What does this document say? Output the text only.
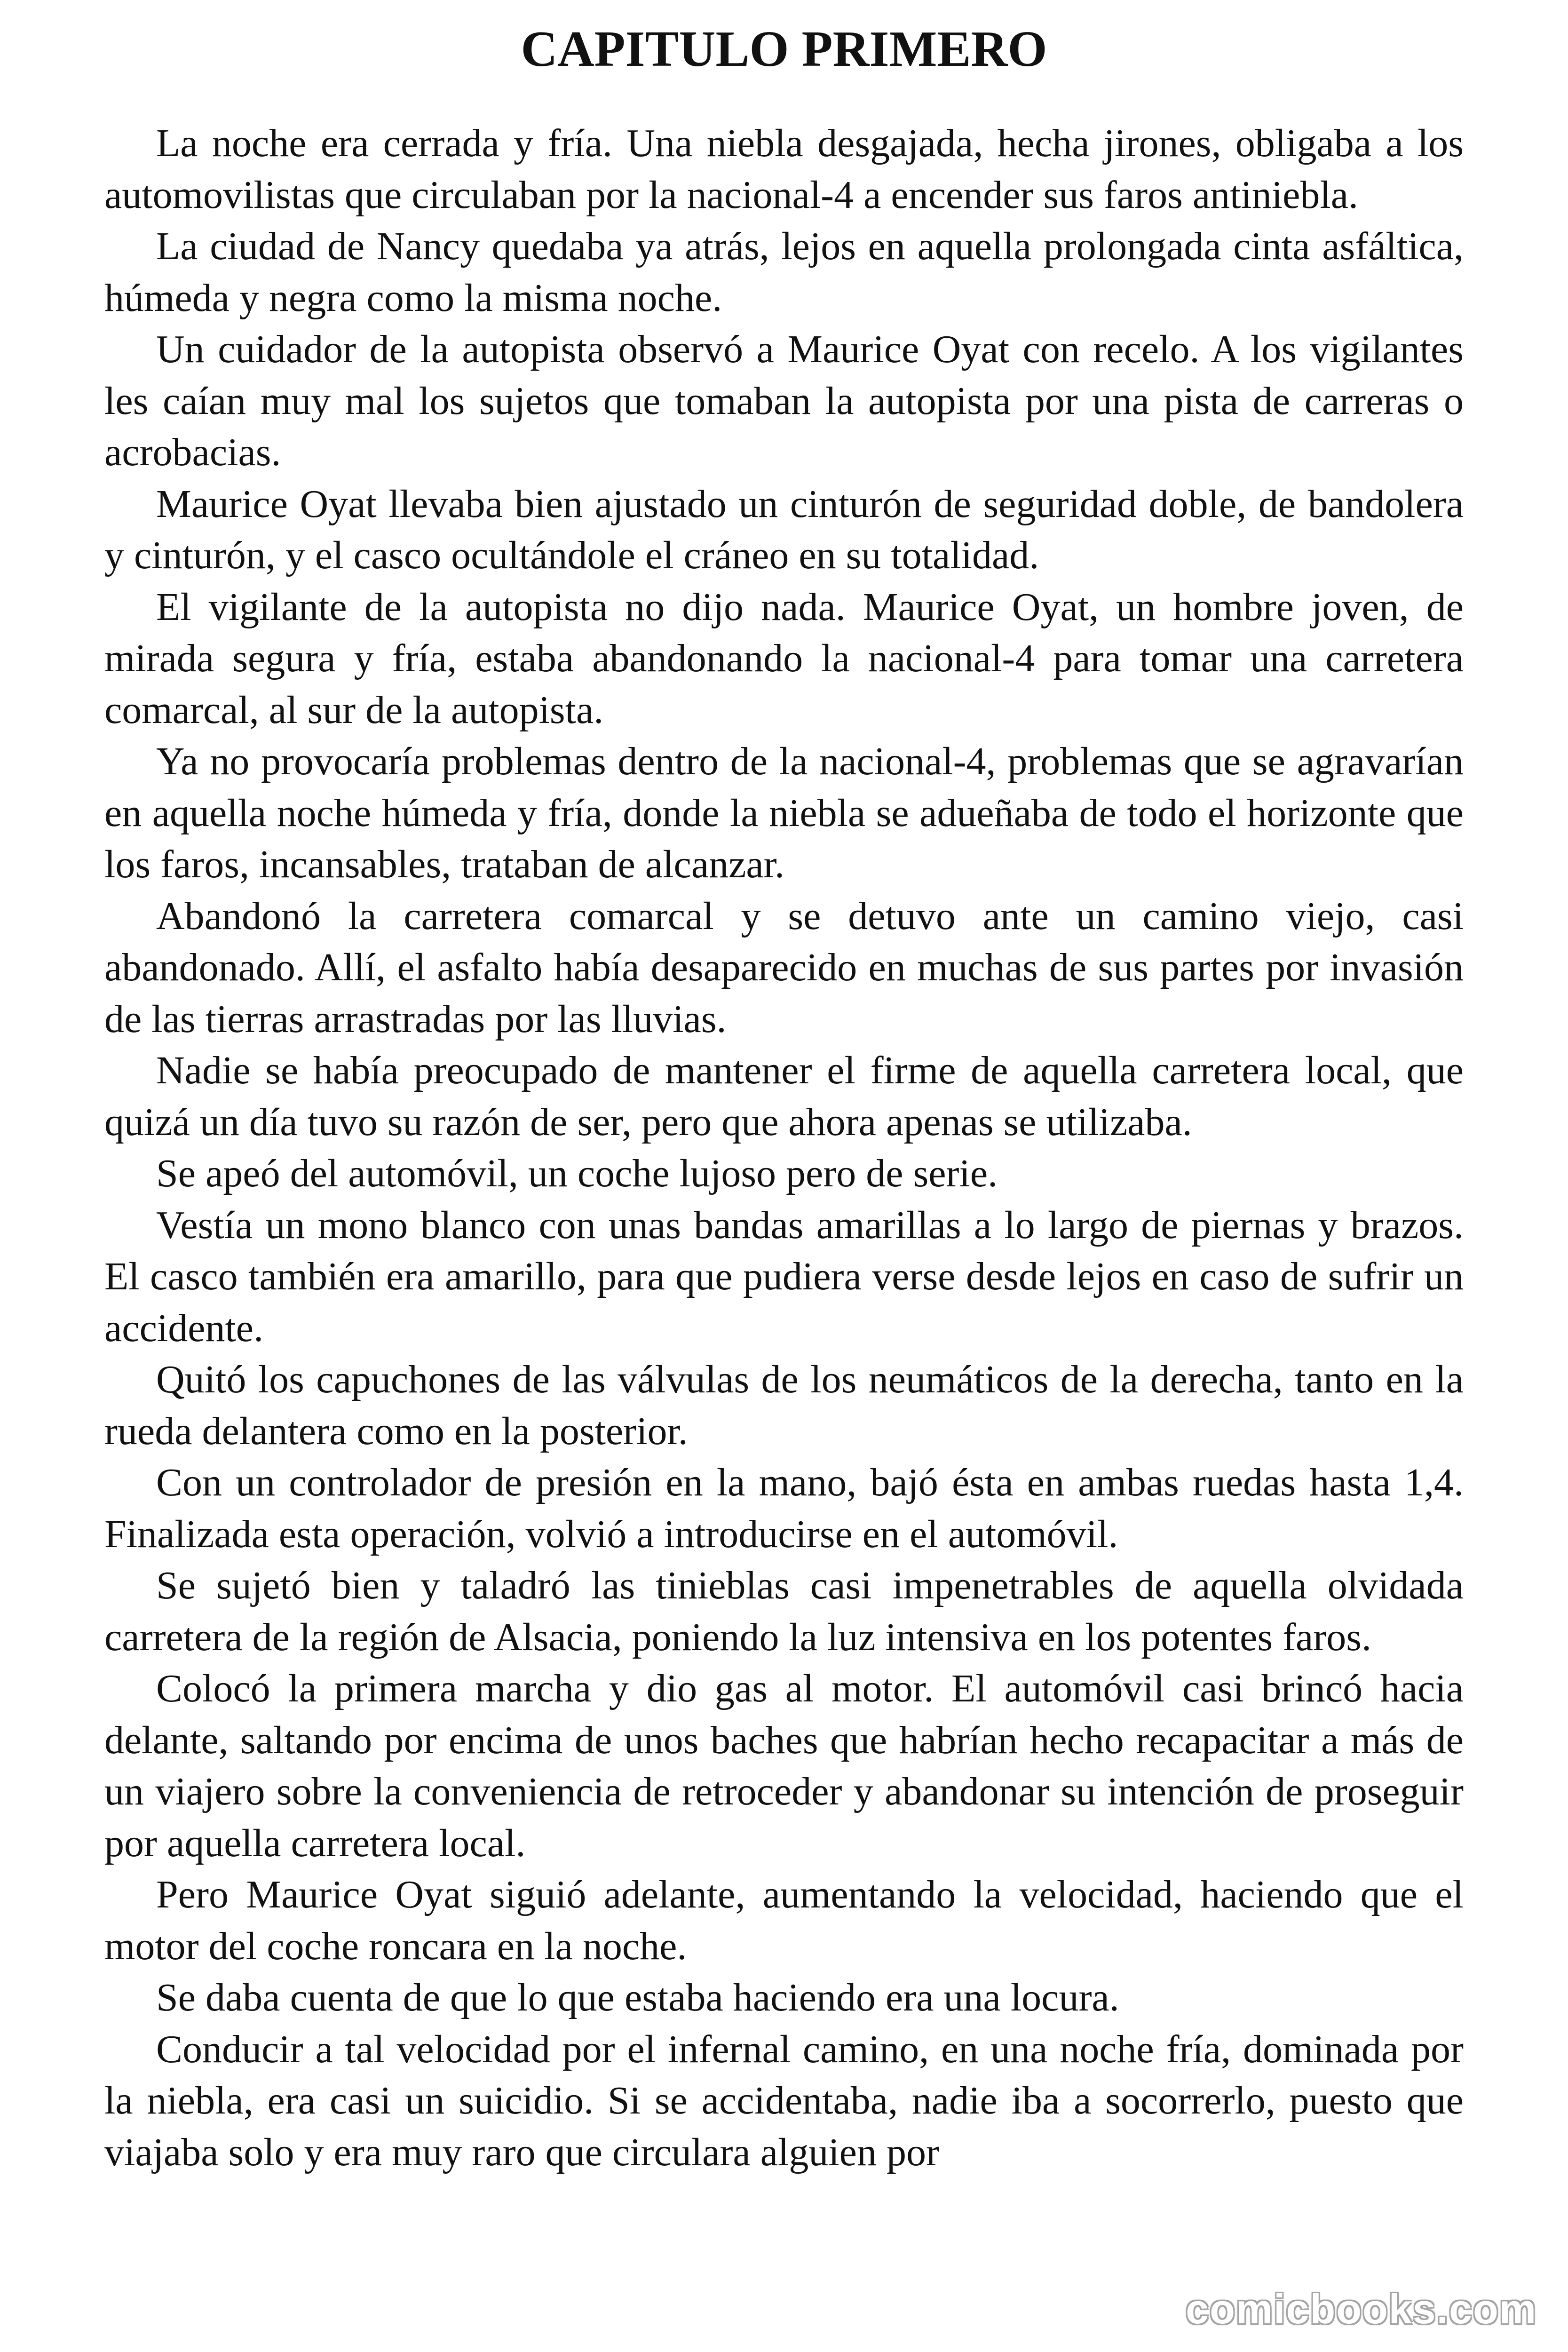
CAPITULO PRIMERO

La noche era cerrada y fría. Una niebla desgajada, hecha jirones, obligaba a los automovilistas que circulaban por la nacional-4 a encender sus faros antiniebla.

La ciudad de Nancy quedaba ya atrás, lejos en aquella prolongada cinta asfáltica, húmeda y negra como la misma noche.

Un cuidador de la autopista observó a Maurice Oyat con recelo. A los vigilantes les caían muy mal los sujetos que tomaban la autopista por una pista de carreras o acrobacias.

Maurice Oyat llevaba bien ajustado un cinturón de seguridad doble, de bandolera y cinturón, y el casco ocultándole el cráneo en su totalidad.

El vigilante de la autopista no dijo nada. Maurice Oyat, un hombre joven, de mirada segura y fría, estaba abandonando la nacional-4 para tomar una carretera comarcal, al sur de la autopista.

Ya no provocaría problemas dentro de la nacional-4, problemas que se agravarían en aquella noche húmeda y fría, donde la niebla se adueñaba de todo el horizonte que los faros, incansables, trataban de alcanzar.

Abandonó la carretera comarcal y se detuvo ante un camino viejo, casi abandonado. Allí, el asfalto había desaparecido en muchas de sus partes por invasión de las tierras arrastradas por las lluvias.

Nadie se había preocupado de mantener el firme de aquella carretera local, que quizá un día tuvo su razón de ser, pero que ahora apenas se utilizaba.

Se apeó del automóvil, un coche lujoso pero de serie.

Vestía un mono blanco con unas bandas amarillas a lo largo de piernas y brazos. El casco también era amarillo, para que pudiera verse desde lejos en caso de sufrir un accidente.

Quitó los capuchones de las válvulas de los neumáticos de la derecha, tanto en la rueda delantera como en la posterior.

Con un controlador de presión en la mano, bajó ésta en ambas ruedas hasta 1,4. Finalizada esta operación, volvió a introducirse en el automóvil.

Se sujetó bien y taladró las tinieblas casi impenetrables de aquella olvidada carretera de la región de Alsacia, poniendo la luz intensiva en los potentes faros.

Colocó la primera marcha y dio gas al motor. El automóvil casi brincó hacia delante, saltando por encima de unos baches que habrían hecho recapacitar a más de un viajero sobre la conveniencia de retroceder y abandonar su intención de proseguir por aquella carretera local.

Pero Maurice Oyat siguió adelante, aumentando la velocidad, haciendo que el motor del coche roncara en la noche.

Se daba cuenta de que lo que estaba haciendo era una locura.

Conducir a tal velocidad por el infernal camino, en una noche fría, dominada por la niebla, era casi un suicidio. Si se accidentaba, nadie iba a socorrerlo, puesto que viajaba solo y era muy raro que circulara alguien por

comicbooks.com
